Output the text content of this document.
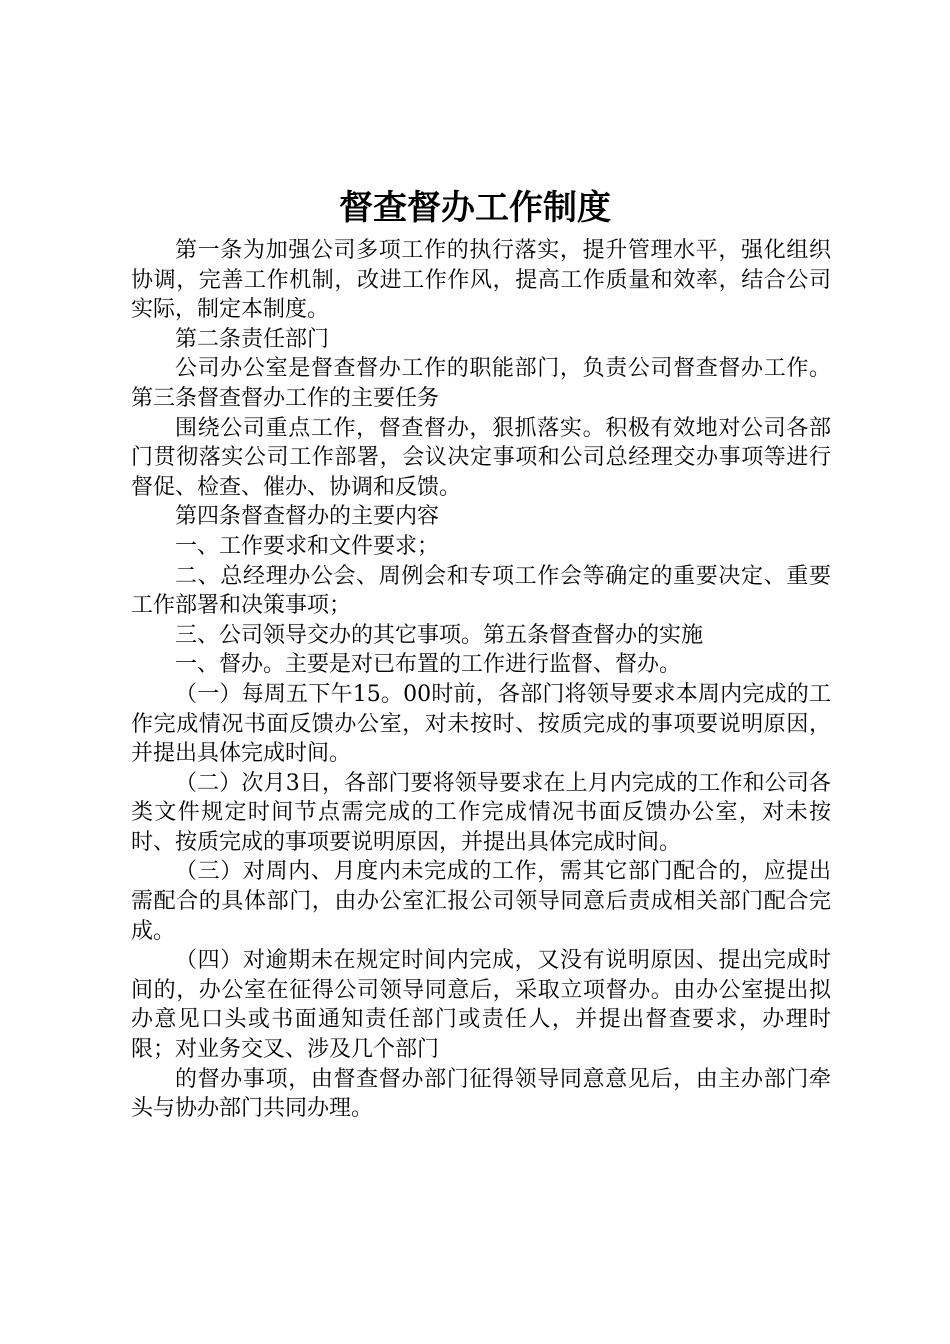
督查督办工作制度

第一条为加强公司多项工作的执行落实，提升管理水平，强化组织协调，完善工作机制，改进工作作风，提高工作质量和效率，结合公司实际，制定本制度。

第二条责任部门

公司办公室是督查督办工作的职能部门，负责公司督查督办工作。第三条督查督办工作的主要任务

围绕公司重点工作，督查督办，狠抓落实。积极有效地对公司各部门贯彻落实公司工作部署，会议决定事项和公司总经理交办事项等进行督促、检查、催办、协调和反馈。

第四条督查督办的主要内容

一、工作要求和文件要求；

二、总经理办公会、周例会和专项工作会等确定的重要决定、重要工作部署和决策事项；

三、公司领导交办的其它事项。第五条督查督办的实施

一、督办。主要是对已布置的工作进行监督、督办。

（一）每周五下午15。00时前，各部门将领导要求本周内完成的工作完成情况书面反馈办公室，对未按时、按质完成的事项要说明原因，并提出具体完成时间。

（二）次月3日，各部门要将领导要求在上月内完成的工作和公司各类文件规定时间节点需完成的工作完成情况书面反馈办公室，对未按时、按质完成的事项要说明原因，并提出具体完成时间。

（三）对周内、月度内未完成的工作，需其它部门配合的，应提出需配合的具体部门，由办公室汇报公司领导同意后责成相关部门配合完成。

（四）对逾期未在规定时间内完成，又没有说明原因、提出完成时间的，办公室在征得公司领导同意后，采取立项督办。由办公室提出拟办意见口头或书面通知责任部门或责任人，并提出督查要求，办理时限；对业务交叉、涉及几个部门

的督办事项，由督查督办部门征得领导同意意见后，由主办部门牵头与协办部门共同办理。
